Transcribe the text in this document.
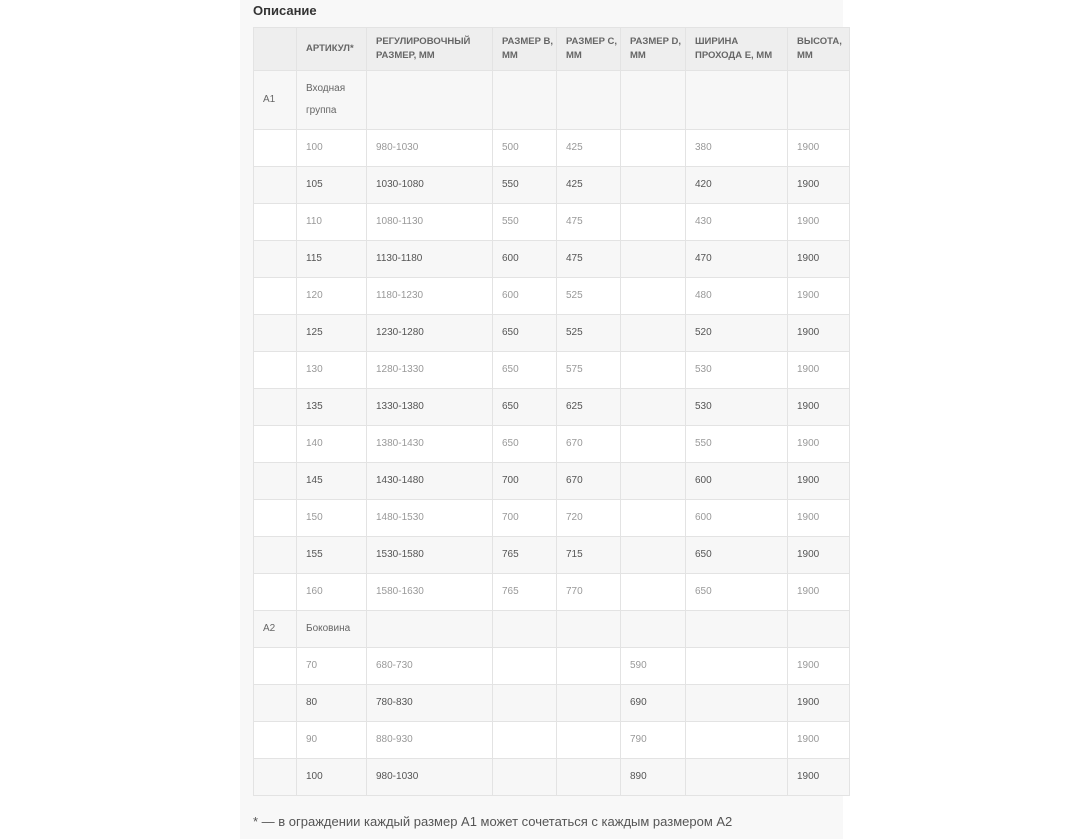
Описание
	АРТИКУЛ*	РЕГУЛИРОВОЧНЫЙ РАЗМЕР, ММ	РАЗМЕР B, ММ	РАЗМЕР C, ММ	РАЗМЕР D, ММ	ШИРИНА ПРОХОДА E, ММ	ВЫСОТА, ММ
A1	Входная группа						
	100	980-1030	500	425		380	1900
	105	1030-1080	550	425		420	1900
	110	1080-1130	550	475		430	1900
	115	1130-1180	600	475		470	1900
	120	1180-1230	600	525		480	1900
	125	1230-1280	650	525		520	1900
	130	1280-1330	650	575		530	1900
	135	1330-1380	650	625		530	1900
	140	1380-1430	650	670		550	1900
	145	1430-1480	700	670		600	1900
	150	1480-1530	700	720		600	1900
	155	1530-1580	765	715		650	1900
	160	1580-1630	765	770		650	1900
A2	Боковина						
	70	680-730			590		1900
	80	780-830			690		1900
	90	880-930			790		1900
	100	980-1030			890		1900
* — в ограждении каждый размер A1 может сочетаться с каждым размером A2
